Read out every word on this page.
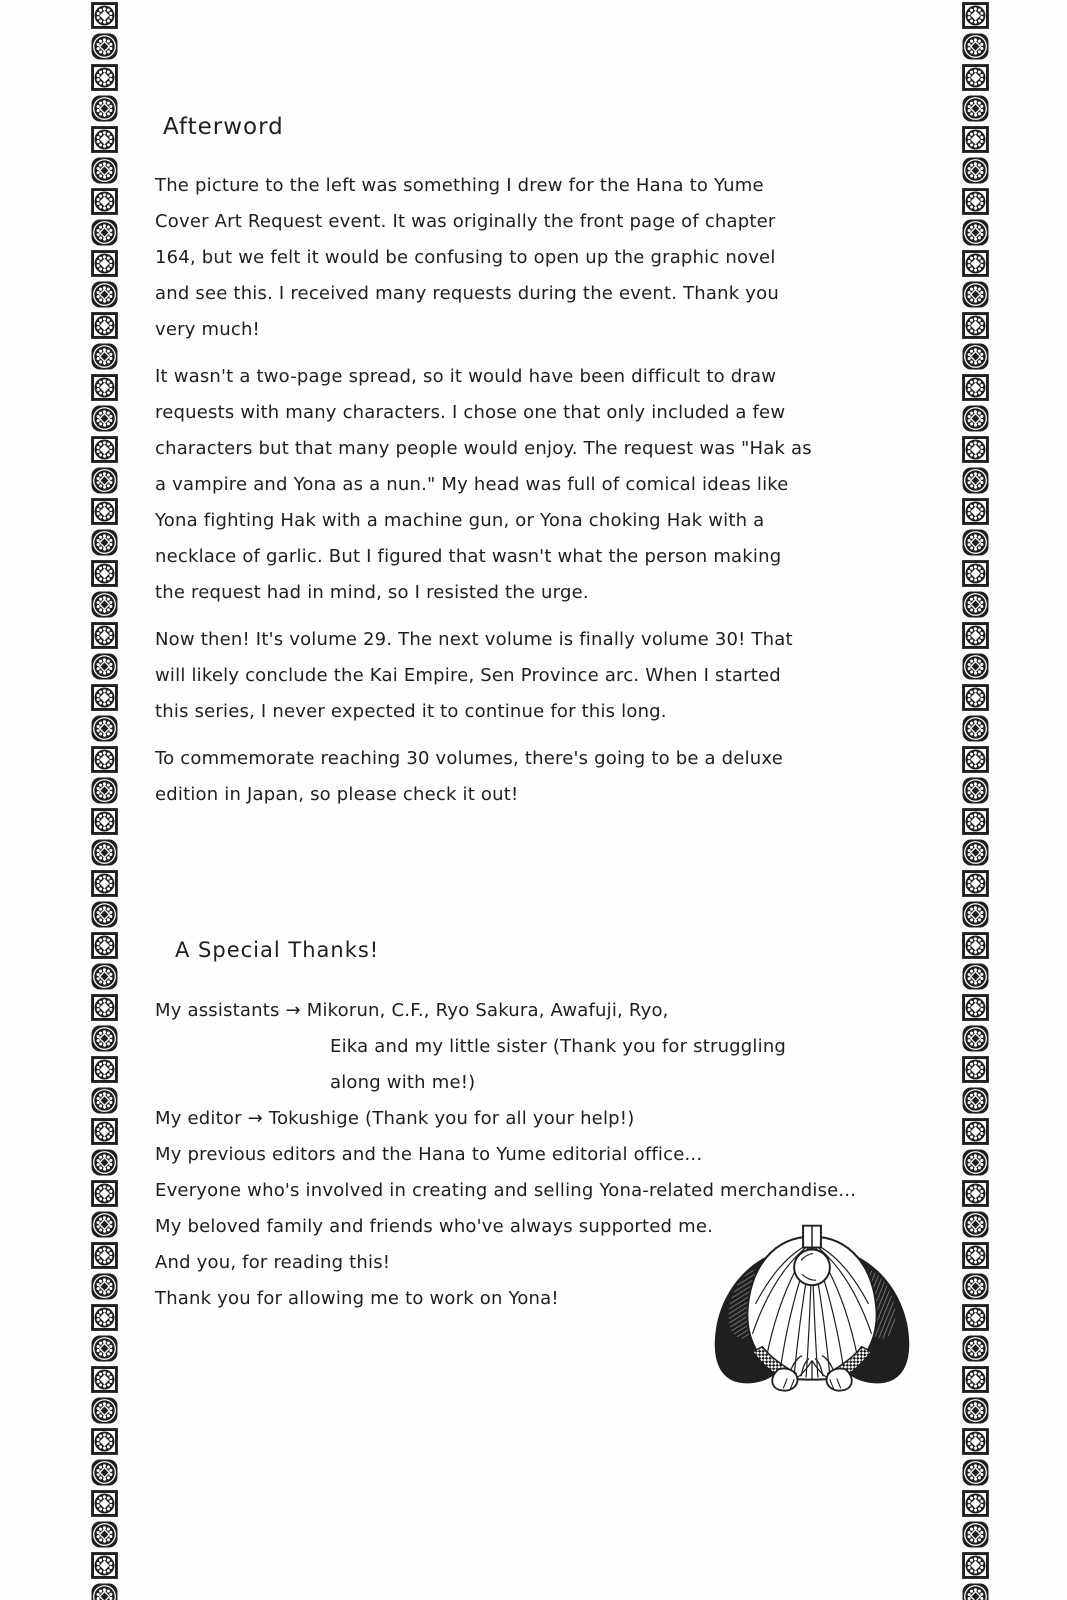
Afterword
The picture to the left was something I drew for the Hana to Yume
Cover Art Request event. It was originally the front page of chapter
164, but we felt it would be confusing to open up the graphic novel
and see this. I received many requests during the event. Thank you
very much!
It wasn't a two-page spread, so it would have been difficult to draw
requests with many characters. I chose one that only included a few
characters but that many people would enjoy. The request was "Hak as
a vampire and Yona as a nun." My head was full of comical ideas like
Yona fighting Hak with a machine gun, or Yona choking Hak with a
necklace of garlic. But I figured that wasn't what the person making
the request had in mind, so I resisted the urge.
Now then! It's volume 29. The next volume is finally volume 30! That
will likely conclude the Kai Empire, Sen Province arc. When I started
this series, I never expected it to continue for this long.
To commemorate reaching 30 volumes, there's going to be a deluxe
edition in Japan, so please check it out!
A Special Thanks!
My assistants → Mikorun, C.F., Ryo Sakura, Awafuji, Ryo,
Eika and my little sister (Thank you for struggling
along with me!)
My editor → Tokushige (Thank you for all your help!)
My previous editors and the Hana to Yume editorial office...
Everyone who's involved in creating and selling Yona-related merchandise...
My beloved family and friends who've always supported me.
And you, for reading this!
Thank you for allowing me to work on Yona!
